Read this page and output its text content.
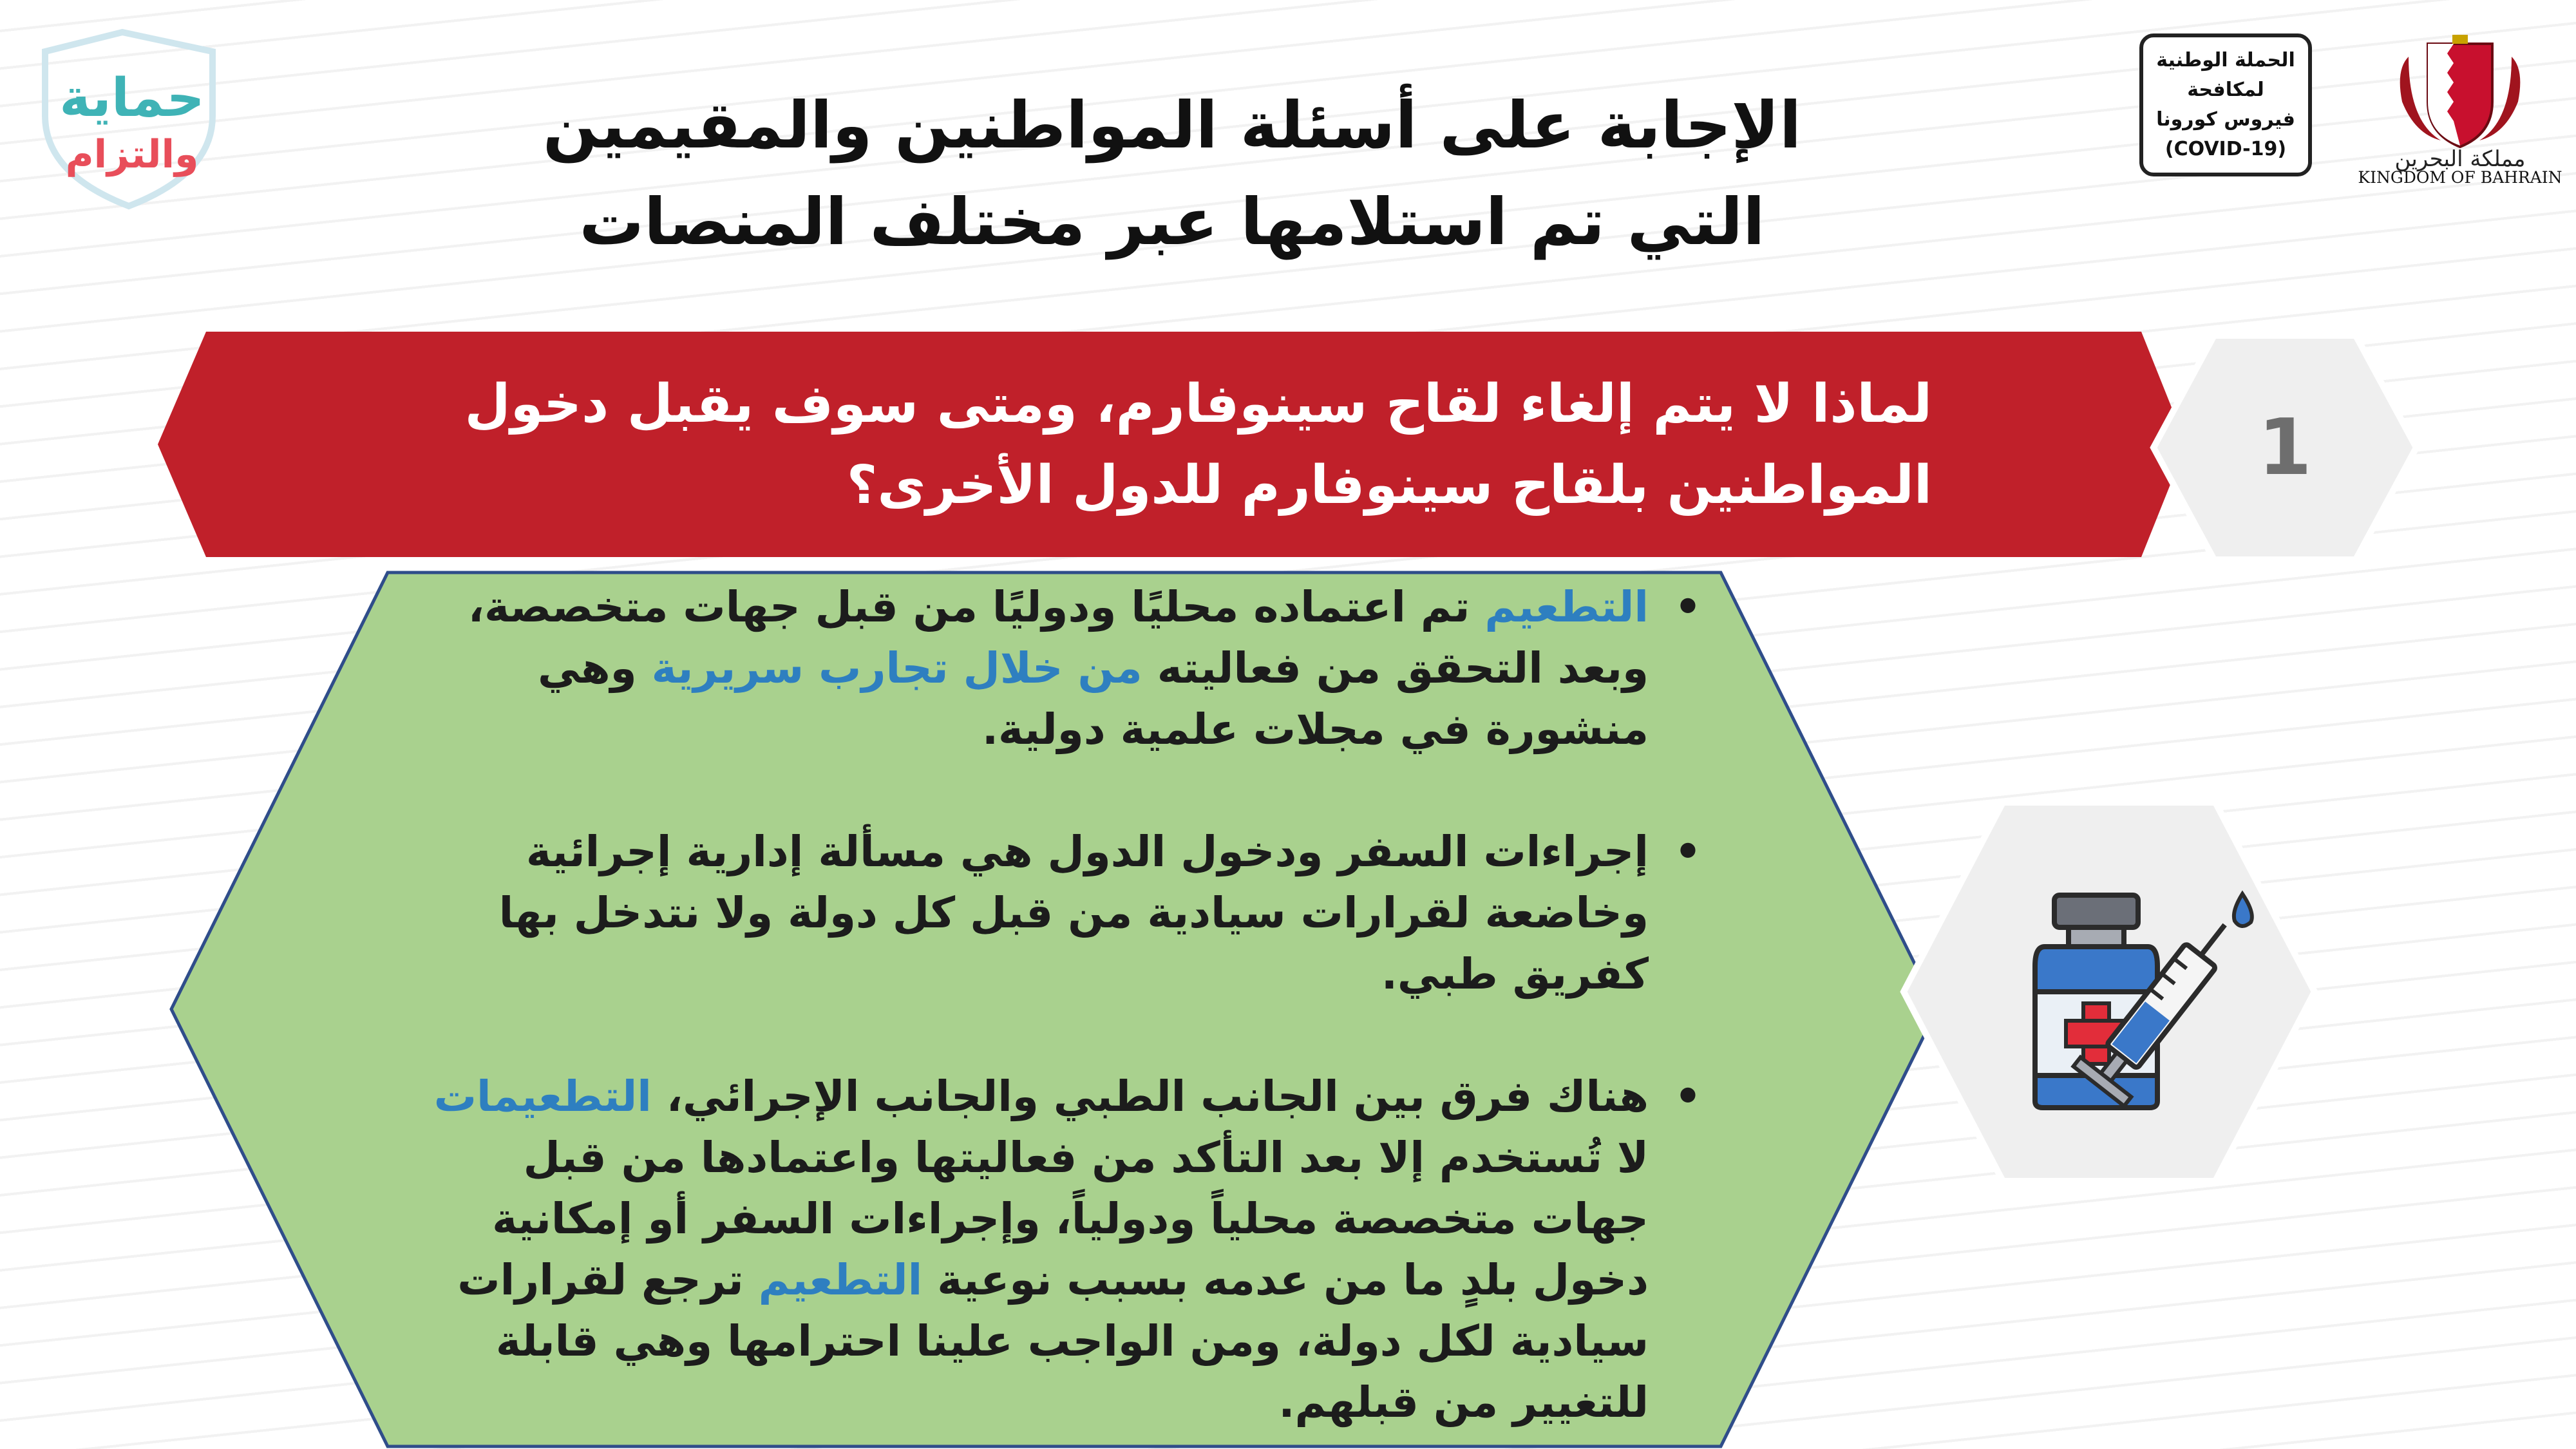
حماية
والتزام
الحملة الوطنية
لمكافحة
فيروس كورونا
(COVID-19)	مملكة البحرين
KINGDOM OF BAHRAIN
الإجابة على أسئلة المواطنين والمقيمين
التي تم استلامها عبر مختلف المنصات
لماذا لا يتم إلغاء لقاح سينوفارم، ومتى سوف يقبل دخول
المواطنين بلقاح سينوفارم للدول الأخرى؟	1
•
التطعيم تم اعتماده محليًا ودوليًا من قبل جهات متخصصة،
وبعد التحقق من فعاليته من خلال تجارب سريرية وهي
منشورة في مجلات علمية دولية.
•
إجراءات السفر ودخول الدول هي مسألة إدارية إجرائية
وخاضعة لقرارات سيادية من قبل كل دولة ولا نتدخل بها
كفريق طبي.
•
هناك فرق بين الجانب الطبي والجانب الإجرائي، التطعيمات
لا تُستخدم إلا بعد التأكد من فعاليتها واعتمادها من قبل
جهات متخصصة محلياً ودولياً، وإجراءات السفر أو إمكانية
دخول بلدٍ ما من عدمه بسبب نوعية التطعيم ترجع لقرارات
سيادية لكل دولة، ومن الواجب علينا احترامها وهي قابلة
للتغيير من قبلهم.
